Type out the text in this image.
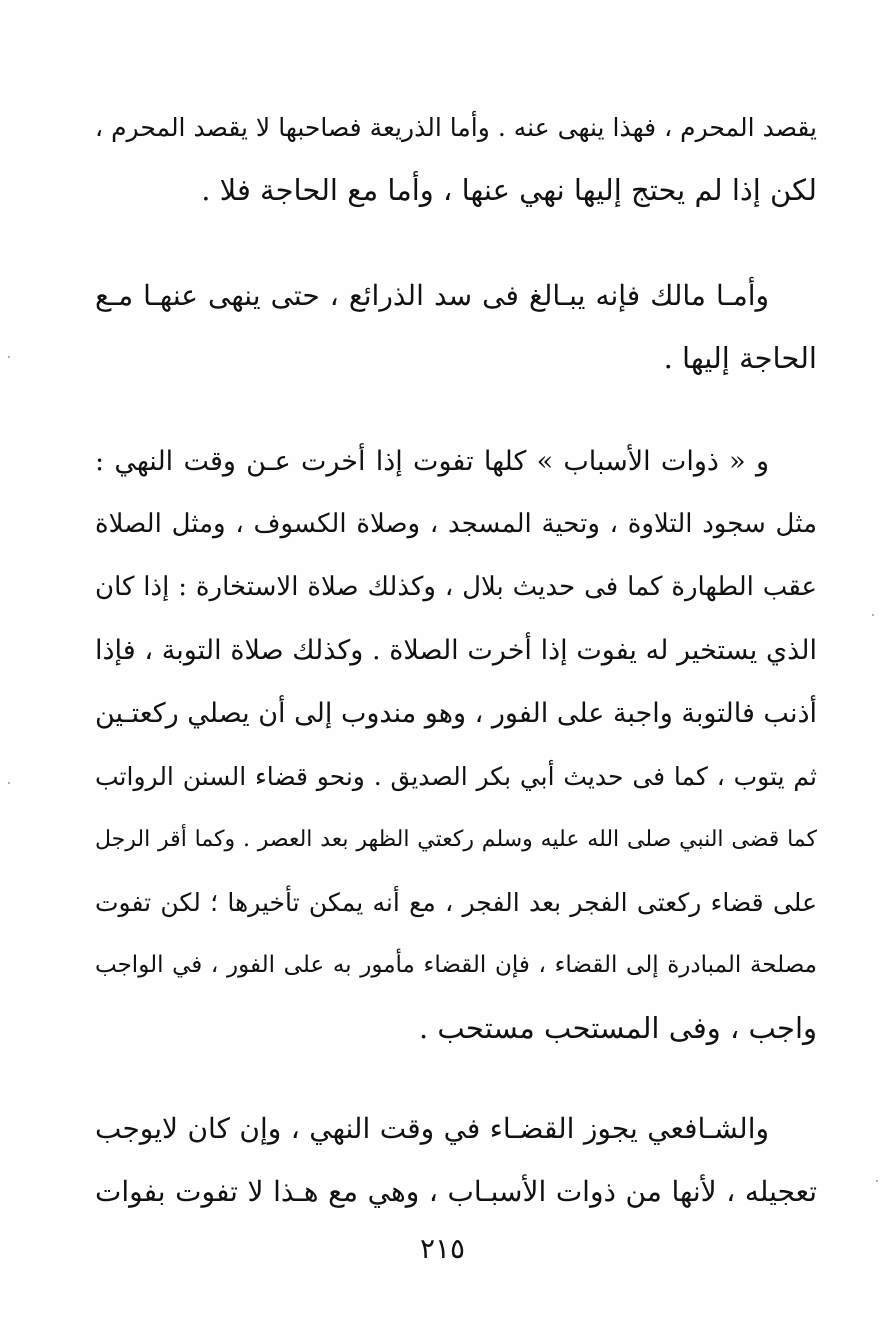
يقصد المحرم ، فهذا ينهى عنه . وأما الذريعة فصاحبها لا يقصد المحرم ،
لكن إذا لم يحتج إليها نهي عنها ، وأما مع الحاجة فلا .
وأمـا مالك فإنه يبـالغ فى سد الذرائع ، حتى ينهى عنهـا مـع
الحاجة إليها .
و « ذوات الأسباب » كلها تفوت إذا أخرت عـن وقت النهي :
مثل سجود التلاوة ، وتحية المسجد ، وصلاة الكسوف ، ومثل الصلاة
عقب الطهارة كما فى حديث بلال ، وكذلك صلاة الاستخارة : إذا كان
الذي يستخير له يفوت إذا أخرت الصلاة . وكذلك صلاة التوبة ، فإذا
أذنب فالتوبة واجبة على الفور ، وهو مندوب إلى أن يصلي ركعتـين
ثم يتوب ، كما فى حديث أبي بكر الصديق . ونحو قضاء السنن الرواتب
كما قضى النبي صلى الله عليه وسلم ركعتي الظهر بعد العصر . وكما أقر الرجل
على قضاء ركعتى الفجر بعد الفجر ، مع أنه يمكن تأخيرها ؛ لكن تفوت
مصلحة المبادرة إلى القضاء ، فإن القضاء مأمور به على الفور ، في الواجب
واجب ، وفى المستحب مستحب .
والشـافعي يجوز القضـاء في وقت النهي ، وإن كان لايوجب
تعجيله ، لأنها من ذوات الأسبـاب ، وهي مع هـذا لا تفوت بفوات
٢١٥
